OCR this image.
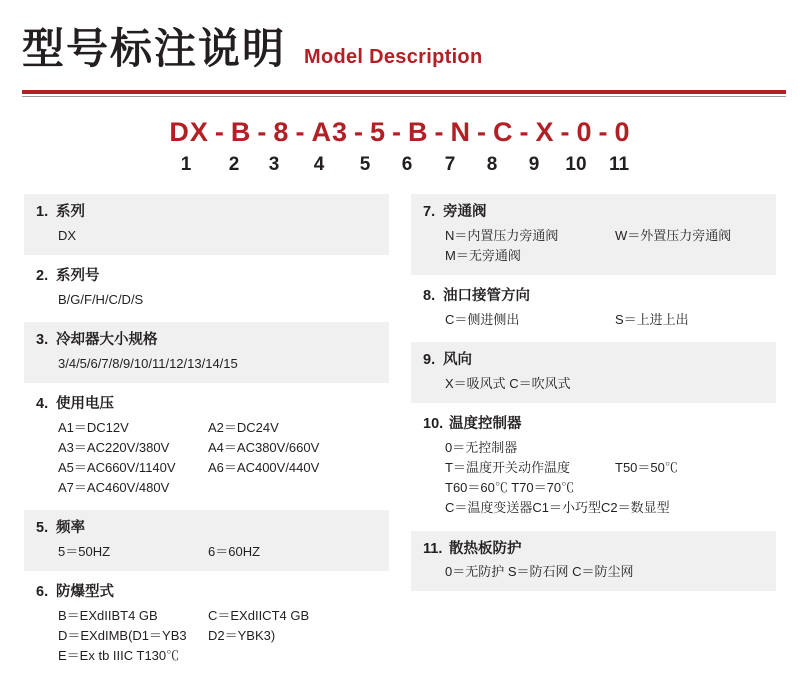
型号标注说明 Model Description
DX - B - 8 - A3 - 5 - B - N - C - X - 0 - 0
1	2	3	4	5	6	7	8	9	10	11
1. 系列
DX
2. 系列号
B/G/F/H/C/D/S
3. 冷却器大小规格
3/4/5/6/7/8/9/10/11/12/13/14/15
4. 使用电压
A1＝DC12V	A2＝DC24V
A3＝AC220V/380V	A4＝AC380V/660V
A5＝AC660V/1140V A6＝AC400V/440V
A7＝AC460V/480V
5. 频率
5＝50HZ	6＝60HZ
6. 防爆型式
B＝EXdIIBT4 GB	C＝EXdIICT4 GB
D＝EXdIMB(D1＝YB3 D2＝YBK3)
E＝Ex tb IIIC T130℃
7. 旁通阀
N＝内置压力旁通阀	W＝外置压力旁通阀
M＝无旁通阀
8. 油口接管方向
C＝侧进侧出	S＝上进上出
9. 风向
X＝吸风式 C＝吹风式
10. 温度控制器
0＝无控制器
T＝温度开关动作温度	T50＝50℃
T60＝60℃ T70＝70℃
C＝温度变送器C1＝小巧型C2＝数显型
11. 散热板防护
0＝无防护 S＝防石网 C＝防尘网
